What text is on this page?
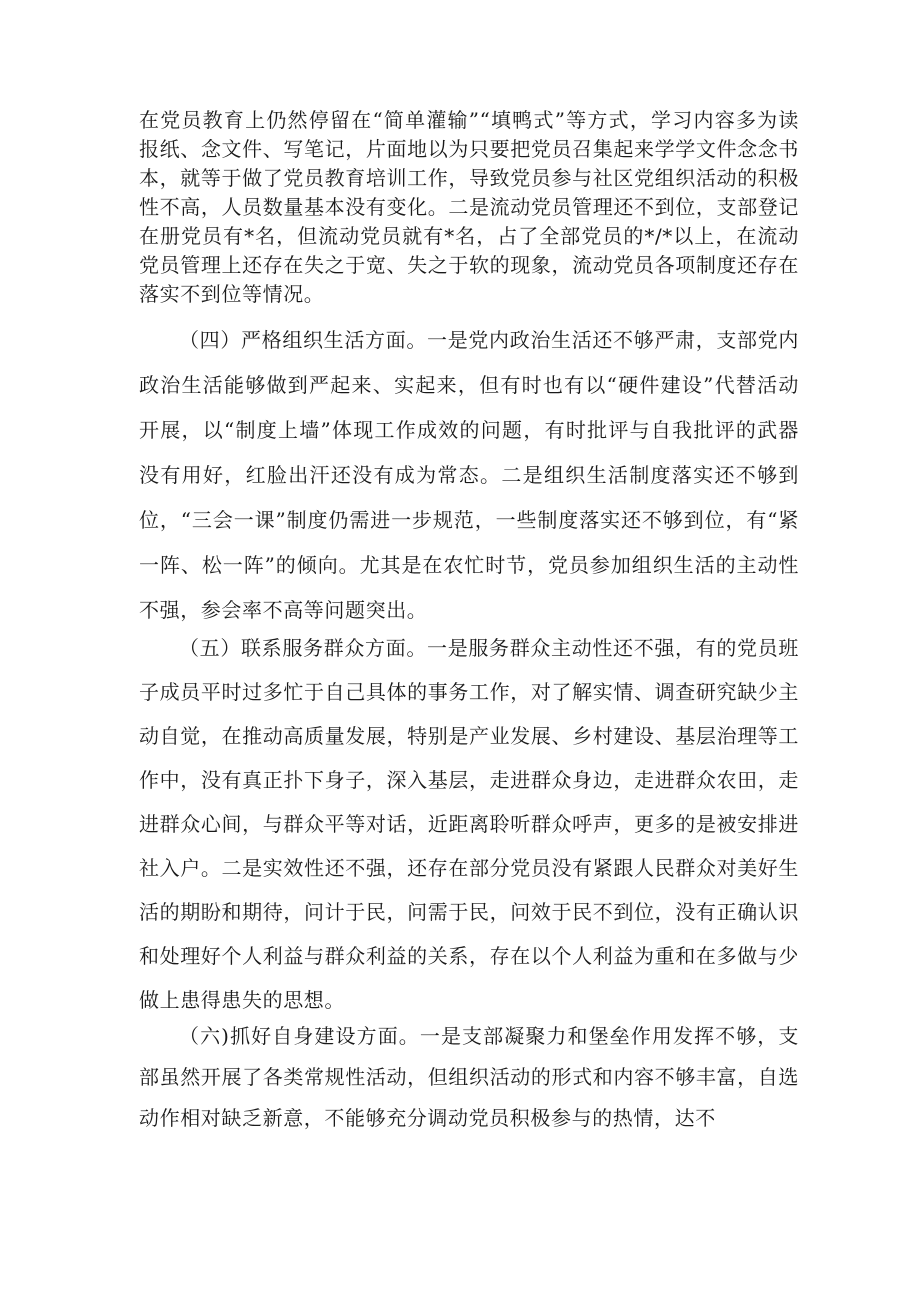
在党员教育上仍然停留在“简单灌输”“填鸭式”等方式，学习内容多为读报纸、念文件、写笔记，片面地以为只要把党员召集起来学学文件念念书本，就等于做了党员教育培训工作，导致党员参与社区党组织活动的积极性不高，人员数量基本没有变化。二是流动党员管理还不到位，支部登记在册党员有*名，但流动党员就有*名，占了全部党员的*/*以上，在流动党员管理上还存在失之于宽、失之于软的现象，流动党员各项制度还存在落实不到位等情况。

（四）严格组织生活方面。一是党内政治生活还不够严肃，支部党内政治生活能够做到严起来、实起来，但有时也有以“硬件建设”代替活动开展，以“制度上墙”体现工作成效的问题，有时批评与自我批评的武器没有用好，红脸出汗还没有成为常态。二是组织生活制度落实还不够到位，“三会一课”制度仍需进一步规范，一些制度落实还不够到位，有“紧一阵、松一阵”的倾向。尤其是在农忙时节，党员参加组织生活的主动性不强，参会率不高等问题突出。

（五）联系服务群众方面。一是服务群众主动性还不强，有的党员班子成员平时过多忙于自己具体的事务工作，对了解实情、调查研究缺少主动自觉，在推动高质量发展，特别是产业发展、乡村建设、基层治理等工作中，没有真正扑下身子，深入基层，走进群众身边，走进群众农田，走进群众心间，与群众平等对话，近距离聆听群众呼声，更多的是被安排进社入户。二是实效性还不强，还存在部分党员没有紧跟人民群众对美好生活的期盼和期待，问计于民，问需于民，问效于民不到位，没有正确认识和处理好个人利益与群众利益的关系，存在以个人利益为重和在多做与少做上患得患失的思想。

（六)抓好自身建设方面。一是支部凝聚力和堡垒作用发挥不够，支部虽然开展了各类常规性活动，但组织活动的形式和内容不够丰富，自选动作相对缺乏新意，不能够充分调动党员积极参与的热情，达不
